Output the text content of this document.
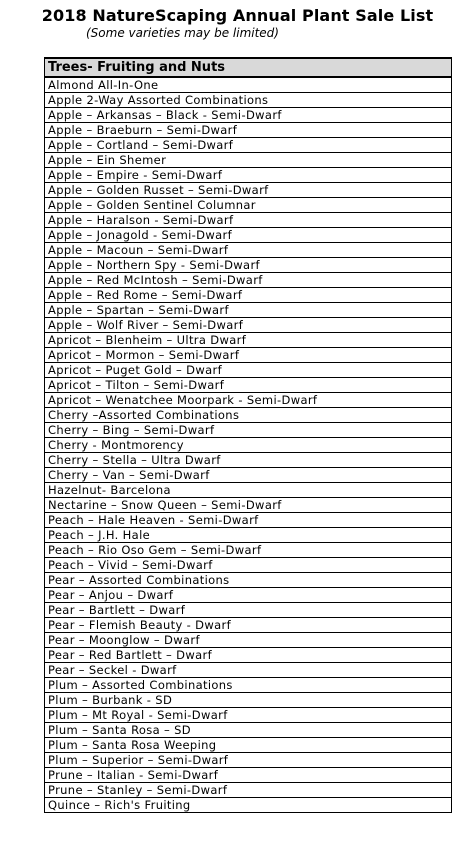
2018 NatureScaping Annual Plant Sale List
(Some varieties may be limited)
Trees- Fruiting and Nuts
Almond All-In-One
Apple 2-Way Assorted Combinations
Apple – Arkansas – Black - Semi-Dwarf
Apple – Braeburn – Semi-Dwarf
Apple – Cortland – Semi-Dwarf
Apple – Ein Shemer
Apple – Empire - Semi-Dwarf
Apple – Golden Russet – Semi-Dwarf
Apple – Golden Sentinel Columnar
Apple – Haralson - Semi-Dwarf
Apple – Jonagold - Semi-Dwarf
Apple – Macoun – Semi-Dwarf
Apple – Northern Spy - Semi-Dwarf
Apple – Red McIntosh – Semi-Dwarf
Apple – Red Rome – Semi-Dwarf
Apple – Spartan – Semi-Dwarf
Apple – Wolf River – Semi-Dwarf
Apricot – Blenheim – Ultra Dwarf
Apricot – Mormon – Semi-Dwarf
Apricot – Puget Gold – Dwarf
Apricot – Tilton – Semi-Dwarf
Apricot – Wenatchee Moorpark - Semi-Dwarf
Cherry –Assorted Combinations
Cherry – Bing – Semi-Dwarf
Cherry - Montmorency
Cherry – Stella – Ultra Dwarf
Cherry – Van – Semi-Dwarf
Hazelnut- Barcelona
Nectarine – Snow Queen – Semi-Dwarf
Peach – Hale Heaven - Semi-Dwarf
Peach – J.H. Hale
Peach – Rio Oso Gem – Semi-Dwarf
Peach – Vivid – Semi-Dwarf
Pear – Assorted Combinations
Pear – Anjou – Dwarf
Pear – Bartlett – Dwarf
Pear – Flemish Beauty - Dwarf
Pear – Moonglow – Dwarf
Pear – Red Bartlett – Dwarf
Pear – Seckel - Dwarf
Plum – Assorted Combinations
Plum – Burbank - SD
Plum – Mt Royal - Semi-Dwarf
Plum – Santa Rosa – SD
Plum – Santa Rosa Weeping
Plum – Superior – Semi-Dwarf
Prune – Italian - Semi-Dwarf
Prune – Stanley – Semi-Dwarf
Quince – Rich's Fruiting
